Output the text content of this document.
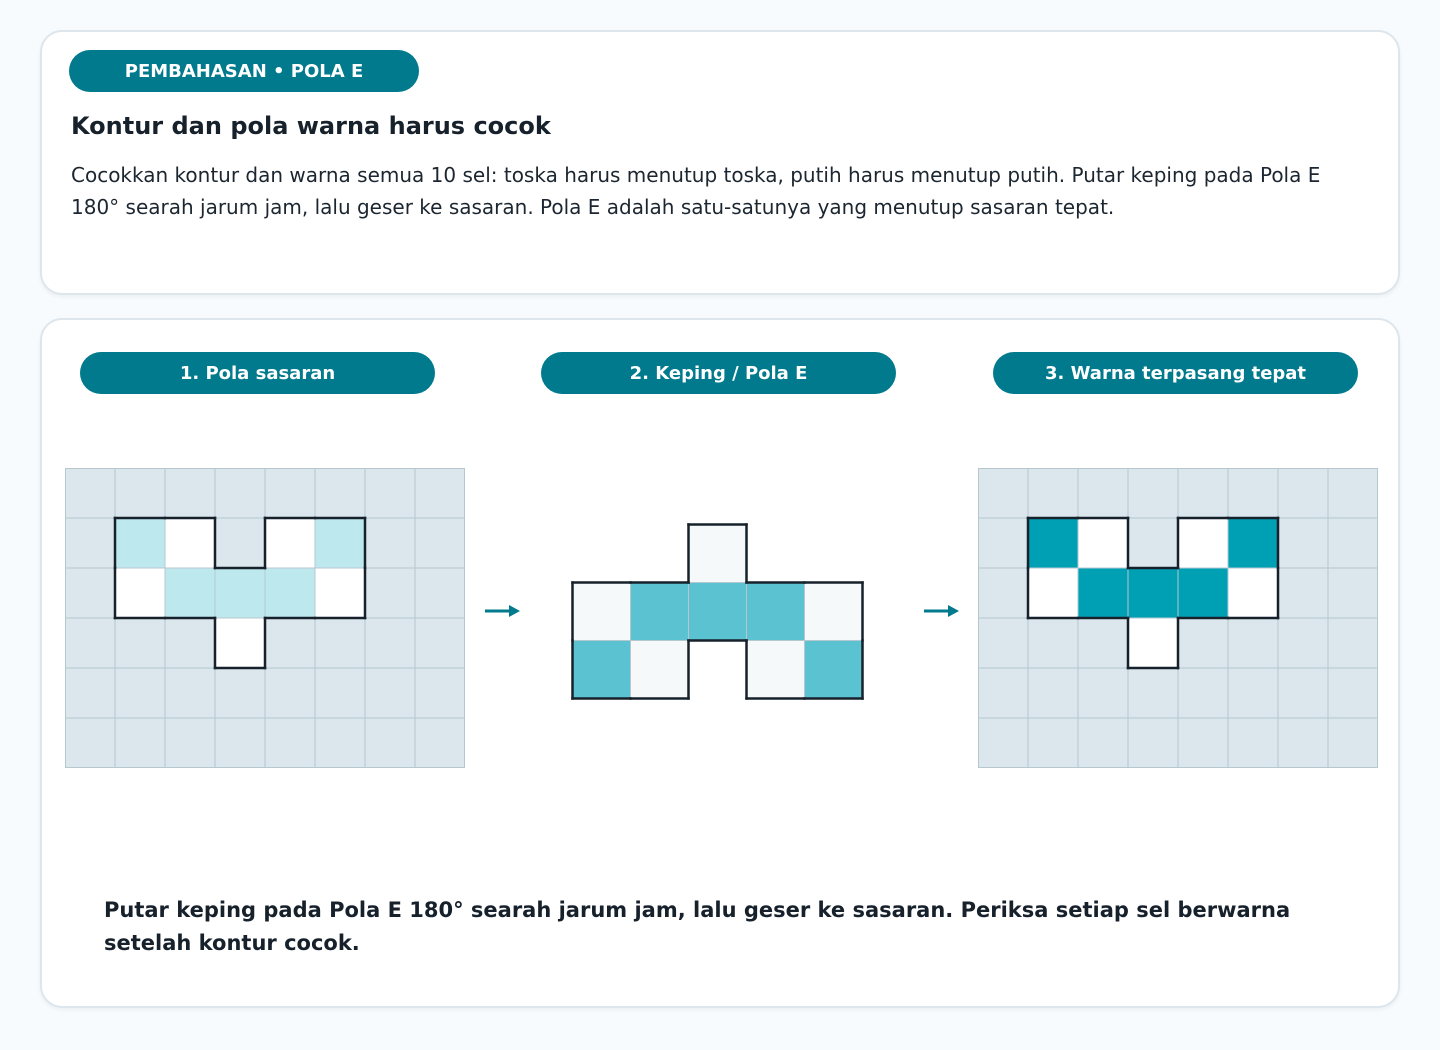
PEMBAHASAN • POLA E
Kontur dan pola warna harus cocok
Cocokkan kontur dan warna semua 10 sel: toska harus menutup toska, putih harus menutup putih. Putar keping pada Pola E 180° searah jarum jam, lalu geser ke sasaran. Pola E adalah satu-satunya yang menutup sasaran tepat.
1. Pola sasaran	2. Keping / Pola E	3. Warna terpasang tepat
Putar keping pada Pola E 180° searah jarum jam, lalu geser ke sasaran. Periksa setiap sel berwarna setelah kontur cocok.
